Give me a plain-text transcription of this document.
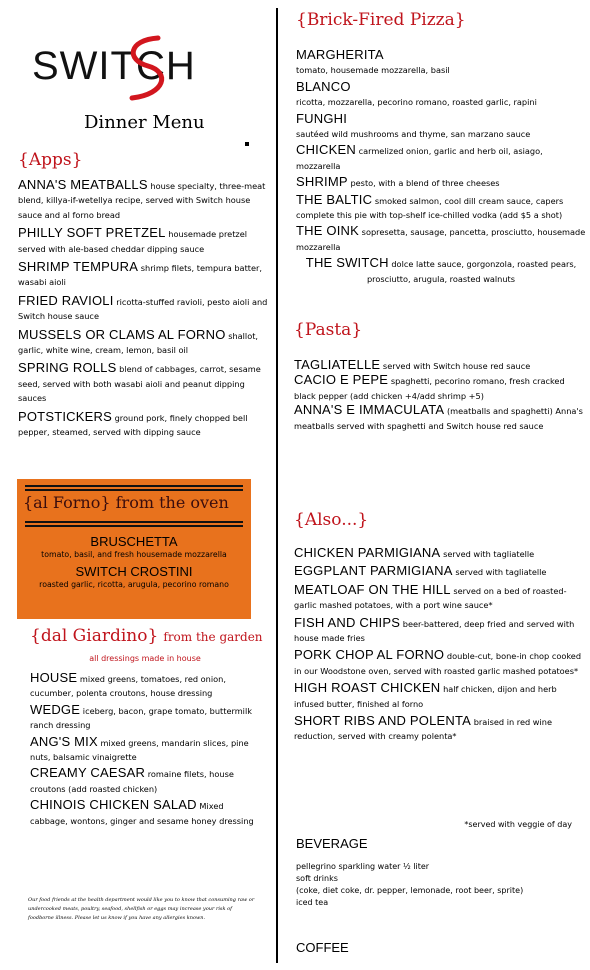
SWITCH
Dinner Menu
{Apps}
ANNA'S MEATBALLS house specialty, three-meat blend, killya-if-wetellya recipe, served with Switch house sauce and al forno bread
PHILLY SOFT PRETZEL housemade pretzel served with ale-based cheddar dipping sauce
SHRIMP TEMPURA shrimp filets, tempura batter, wasabi aioli
FRIED RAVIOLI ricotta-stuffed ravioli, pesto aioli and Switch house sauce
MUSSELS OR CLAMS AL FORNO shallot, garlic, white wine, cream, lemon, basil oil
SPRING ROLLS blend of cabbages, carrot, sesame seed, served with both wasabi aioli and peanut dipping sauces
POTSTICKERS ground pork, finely chopped bell pepper, steamed, served with dipping sauce
{al Forno} from the oven
BRUSCHETTA
tomato, basil, and fresh housemade mozzarella
SWITCH CROSTINI
roasted garlic, ricotta, arugula, pecorino romano
{dal Giardino} from the garden
all dressings made in house
HOUSE mixed greens, tomatoes, red onion, cucumber, polenta croutons, house dressing
WEDGE iceberg, bacon, grape tomato, buttermilk ranch dressing
ANG'S MIX mixed greens, mandarin slices, pine nuts, balsamic vinaigrette
CREAMY CAESAR romaine filets, house croutons (add roasted chicken)
CHINOIS CHICKEN SALAD Mixed cabbage, wontons, ginger and sesame honey dressing
Our food friends at the health department would like you to know that consuming raw or undercooked meats, poultry, seafood, shellfish or eggs may increase your risk of foodborne illness. Please let us know if you have any allergies known.
{Brick-Fired Pizza}
MARGHERITA
tomato, housemade mozzarella, basil
BLANCO
ricotta, mozzarella, pecorino romano, roasted garlic, rapini
FUNGHI
sautéed wild mushrooms and thyme, san marzano sauce
CHICKEN carmelized onion, garlic and herb oil, asiago, mozzarella
SHRIMP pesto, with a blend of three cheeses
THE BALTIC smoked salmon, cool dill cream sauce, capers complete this pie with top-shelf ice-chilled vodka (add $5 a shot)
THE OINK sopresetta, sausage, pancetta, prosciutto, housemade mozzarella
THE SWITCH dolce latte sauce, gorgonzola, roasted pears, prosciutto, arugula, roasted walnuts
{Pasta}
TAGLIATELLE served with Switch house red sauce
CACIO E PEPE spaghetti, pecorino romano, fresh cracked black pepper (add chicken +4/add shrimp +5)
ANNA'S E IMMACULATA (meatballs and spaghetti) Anna's meatballs served with spaghetti and Switch house red sauce
{Also...}
CHICKEN PARMIGIANA served with tagliatelle
EGGPLANT PARMIGIANA served with tagliatelle
MEATLOAF ON THE HILL served on a bed of roasted-garlic mashed potatoes, with a port wine sauce*
FISH AND CHIPS beer-battered, deep fried and served with house made fries
PORK CHOP AL FORNO double-cut, bone-in chop cooked in our Woodstone oven, served with roasted garlic mashed potatoes*
HIGH ROAST CHICKEN half chicken, dijon and herb infused butter, finished al forno
SHORT RIBS AND POLENTA braised in red wine reduction, served with creamy polenta*
*served with veggie of day
BEVERAGE
pellegrino sparkling water ½ liter
soft drinks
(coke, diet coke, dr. pepper, lemonade, root beer, sprite)
iced tea
COFFEE
